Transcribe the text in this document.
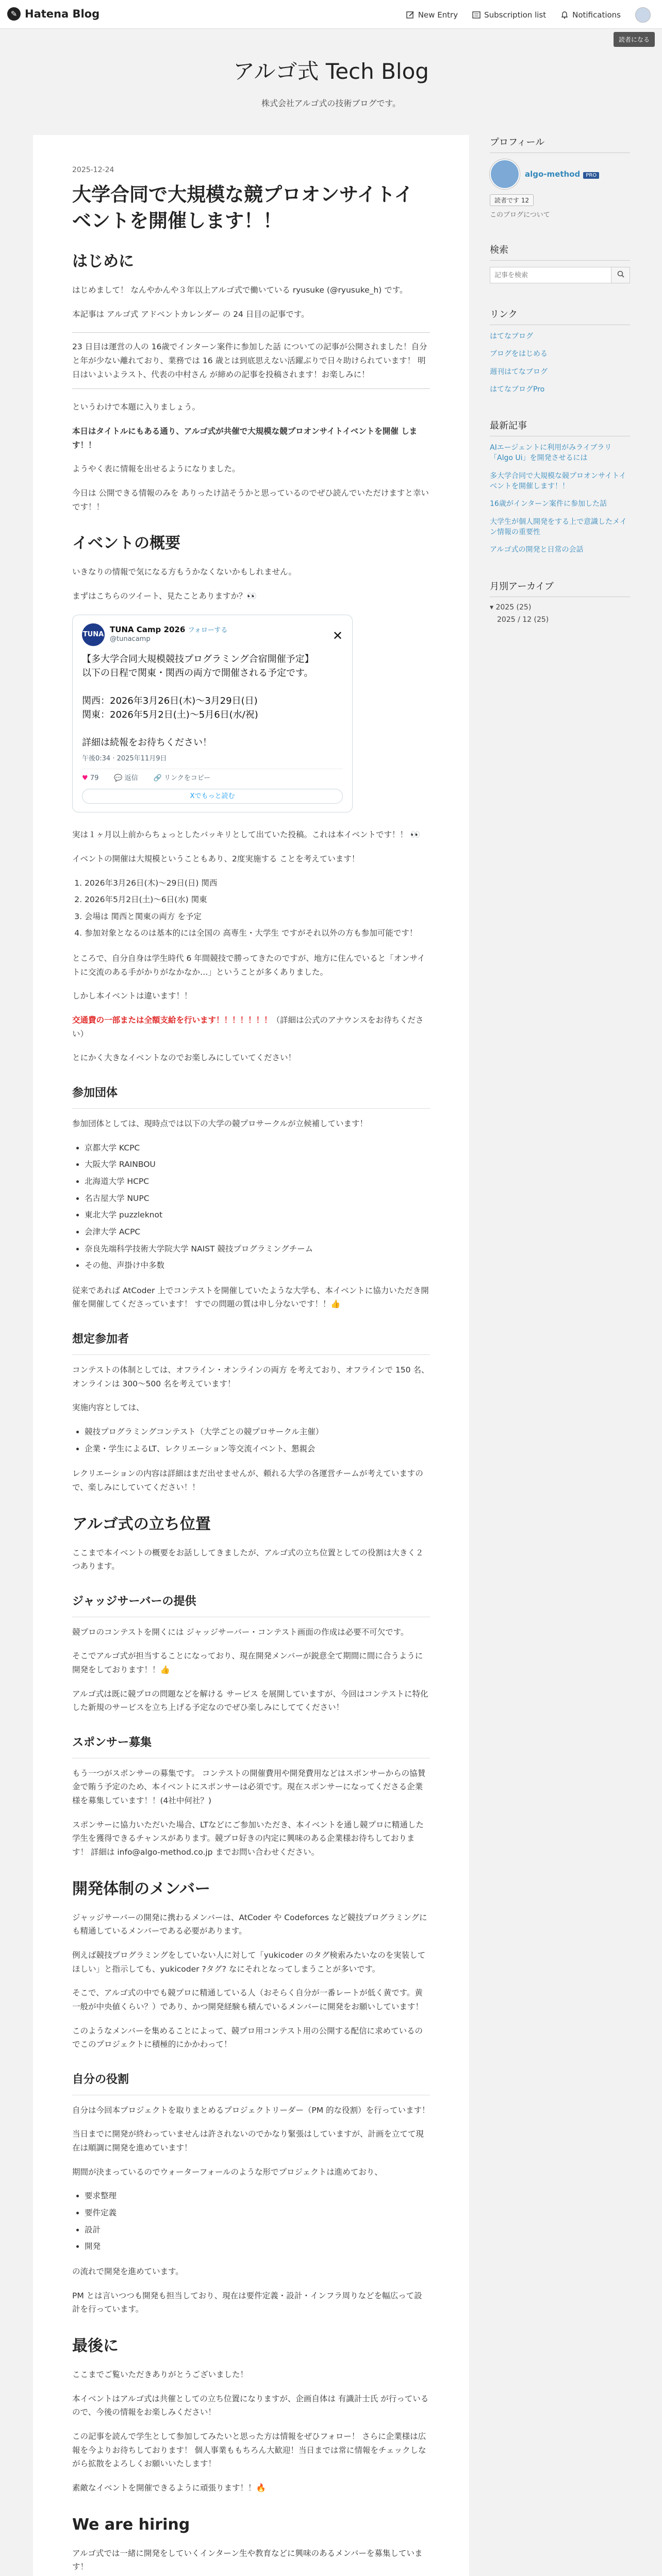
✎ Hatena Blog	New Entry	Subscription list	Notifications
読者になる
アルゴ式 Tech Blog
株式会社アルゴ式の技術ブログです。
2025-12-24
大学合同で大規模な競プロオンサイトイベントを開催します！！
はじめに

はじめまして！ なんやかんや３年以上アルゴ式で働いている ryusuke (@ryusuke_h) です。

本記事は アルゴ式 アドベントカレンダー の 24 日目の記事です。

23 日目は運営の人の 16歳でインターン案件に参加した話 についての記事が公開されました！自分と年が少ない離れており、業務では 16 歳とは到底思えない活躍ぶりで日々助けられています！ 明日はいよいよラスト、代表の中村さん が締めの記事を投稿されます！お楽しみに！

というわけで本題に入りましょう。

本日はタイトルにもある通り、アルゴ式が共催で大規模な競プロオンサイトイベントを開催 します！！

ようやく表に情報を出せるようになりました。

今日は 公開できる情報のみを ありったけ詰そうかと思っているのでぜひ読んでいただけますと幸いです！！

イベントの概要

いきなりの情報で気になる方もうかなくないかもしれません。

まずはこちらのツイート、見たことありますか？👀

TUNA
TUNA Camp 2026 フォローする
@tunacamp	✕
【多大学合同大規模競技プログラミング合宿開催予定】
以下の日程で関東・関西の両方で開催される予定です。

関西：2026年3月26日(木)〜3月29日(日)
関東：2026年5月2日(土)〜5月6日(水/祝)

詳細は続報をお待ちください！
午後0:34 · 2025年11月9日
♥ 79 💬 返信 🔗 リンクをコピー
Xでもっと読む

実は１ヶ月以上前からちょっとしたバッキリとして出ていた投稿。これは本イベントです！！ 👀

イベントの開催は大規模ということもあり、2度実施する ことを考えています！

1. 2026年3月26日(木)〜29日(日) 関西
2. 2026年5月2日(土)〜6日(水) 関東
3. 会場は 関西と関東の両方 を予定
4. 参加対象となるのは基本的には全国の 高専生・大学生 ですがそれ以外の方も参加可能です！

ところで、自分自身は学生時代 6 年間競技で勝ってきたのですが、地方に住んでいると「オンサイトに交流のある手がかりがなかなか…」ということが多くありました。

しかし本イベントは違います！！

交通費の一部または全額支給を行います！！！！！！！（詳細は公式のアナウンスをお待ちください）

とにかく大きなイベントなのでお楽しみにしていてください！

参加団体

参加団体としては、現時点では以下の大学の競プロサークルが立候補しています！

• 京都大学 KCPC
• 大阪大学 RAINBOU
• 北海道大学 HCPC
• 名古屋大学 NUPC
• 東北大学 puzzleknot
• 会津大学 ACPC
• 奈良先端科学技術大学院大学 NAIST 競技プログラミングチーム
• その他、声掛け中多数

従来であれば AtCoder 上でコンテストを開催していたような大学も、本イベントに協力いただき開催を開催してくださっています！ すでの問題の質は申し分ないです！！👍

想定参加者

コンテストの体制としては、オフライン・オンラインの両方 を考えており、オフラインで 150 名、オンラインは 300〜500 名を考えています！

実施内容としては、

• 競技プログラミングコンテスト（大学ごとの競プロサークル主催）
• 企業・学生によるLT、レクリエーション等交流イベント、懇親会

レクリエーションの内容は詳細はまだ出せませんが、頼れる大学の各運営チームが考えていますので、楽しみにしていてください！！

アルゴ式の立ち位置

ここまで本イベントの概要をお話ししてきましたが、アルゴ式の立ち位置としての役割は大きく２つあります。

ジャッジサーバーの提供

競プロのコンテストを開くには ジャッジサーバー・コンテスト画面の作成は必要不可欠です。

そこでアルゴ式が担当することになっており、現在開発メンバーが鋭意全て期間に間に合うように開発をしております！！👍

アルゴ式は既に競プロの問題などを解ける サービス を展開していますが、今回はコンテストに特化した新規のサービスを立ち上げる予定なのでぜひ楽しみにしててください！

スポンサー募集

もう一つがスポンサーの募集です。 コンテストの開催費用や開発費用などはスポンサーからの協賛金で賄う予定のため、本イベントにスポンサーは必須です。現在スポンサーになってくださる企業様を募集しています！！(4社中何社？)

スポンサーに協力いただいた場合、LTなどにご参加いただき、本イベントを通し競プロに精通した学生を獲得できるチャンスがあります。競プロ好きの内定に興味のある企業様お待ちしております！ 詳細は info@algo-method.co.jp までお問い合わせください。

開発体制のメンバー

ジャッジサーバーの開発に携わるメンバーは、AtCoder や Codeforces など競技プログラミングにも精通しているメンバーである必要があります。

例えば競技プログラミングをしていない人に対して「yukicoder のタグ検索みたいなのを実装してほしい」と指示しても、yukicoder ?タグ? なにそれとなってしまうことが多いです。

そこで、アルゴ式の中でも競プロに精通している人（おそらく自分が一番レートが低く黄です。黄一般が中央値くらい？）であり、かつ開発経験も積んでいるメンバーに開発をお願いしています！

このようなメンバーを集めることによって、競プロ用コンテスト用の公開する配信に求めているのでこのプロジェクトに積極的にかかわって！

自分の役割

自分は今回本プロジェクトを取りまとめるプロジェクトリーダー（PM 的な役割）を行っています！

当日までに開発が終わっていませんは許されないのでかなり緊張はしていますが、計画を立てて現在は順調に開発を進めています！

期間が決まっているのでウォーターフォールのような形でプロジェクトは進めており、

• 要求整理
• 要件定義
• 設計
• 開発

の流れで開発を進めています。

PM とは言いつつも開発も担当しており、現在は要件定義・設計・インフラ周りなどを幅広って設計を行っています。

最後に

ここまでご覧いただきありがとうございました！

本イベントはアルゴ式は共催としての立ち位置になりますが、企画自体は 有識計士氏 が行っているので、今後の情報をお楽しみください！

この記事を読んで学生として参加してみたいと思った方は情報をぜひフォロー！ さらに企業様は広報を今よりお待ちしております！ 個人事業ももちろん大歓迎！当日までは常に情報をチェックしながら拡散をよろしくお願いいたします！

素敵なイベントを開催できるように頑張ります！！🔥

We are hiring

アルゴ式では一緒に開発をしていくインターン生や教育などに興味のあるメンバーを募集しています！

プロフィール
algo-method PRO
読者です 12
このブログについて
検索
記事を検索
リンク
はてなブログ
ブログをはじめる
週刊はてなブログ
はてなブログPro
最新記事
AIエージェントに利用がみライブラリ「Algo Ui」を開発させるには
多大学合同で大規模な競プロオンサイトイベントを開催します！！
16歳がインターン案件に参加した話
大学生が個人開発をする上で意識したメイン情報の重要性
アルゴ式の開発と日常の会話
月別アーカイブ
▾ 2025 (25)
2025 / 12 (25)
